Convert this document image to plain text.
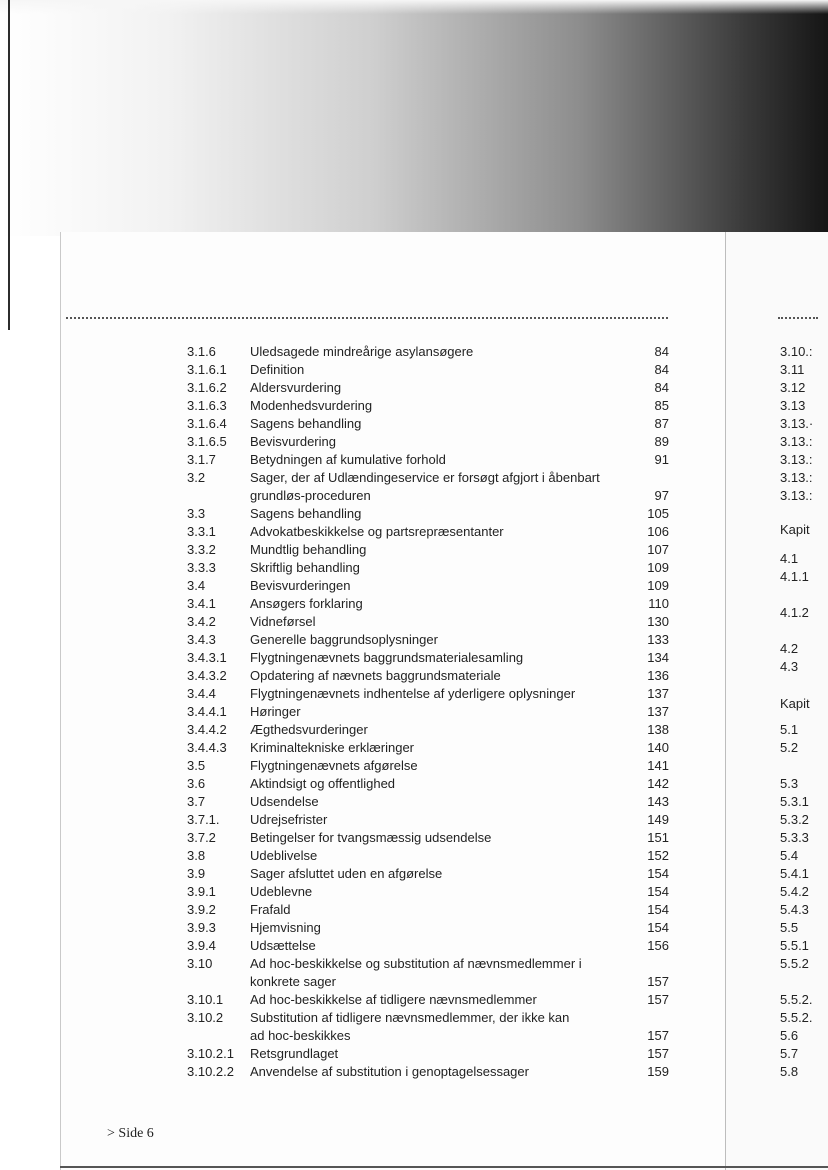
3.1.6	Uledsagede mindreårige asylansøgere	84
3.1.6.1 Definition	84
3.1.6.2 Aldersvurdering	84
3.1.6.3 Modenhedsvurdering	85
3.1.6.4 Sagens behandling	87
3.1.6.5 Bevisvurdering	89
3.1.7	Betydningen af kumulative forhold	91
3.2	Sager, der af Udlændingeservice er forsøgt afgjort i åbenbart
grundløs-proceduren	97
3.3	Sagens behandling	105
3.3.1	Advokatbeskikkelse og partsrepræsentanter	106
3.3.2	Mundtlig behandling	107
3.3.3	Skriftlig behandling	109
3.4	Bevisvurderingen	109
3.4.1	Ansøgers forklaring	110
3.4.2	Vidneførsel	130
3.4.3	Generelle baggrundsoplysninger	133
3.4.3.1 Flygtningenævnets baggrundsmaterialesamling	134
3.4.3.2 Opdatering af nævnets baggrundsmateriale	136
3.4.4	Flygtningenævnets indhentelse af yderligere oplysninger	137
3.4.4.1 Høringer	137
3.4.4.2 Ægthedsvurderinger	138
3.4.4.3 Kriminaltekniske erklæringer	140
3.5	Flygtningenævnets afgørelse	141
3.6	Aktindsigt og offentlighed	142
3.7	Udsendelse	143
3.7.1. Udrejsefrister	149
3.7.2	Betingelser for tvangsmæssig udsendelse	151
3.8	Udeblivelse	152
3.9	Sager afsluttet uden en afgørelse	154
3.9.1	Udeblevne	154
3.9.2	Frafald	154
3.9.3	Hjemvisning	154
3.9.4	Udsættelse	156
3.10	Ad hoc-beskikkelse og substitution af nævnsmedlemmer i
konkrete sager	157
3.10.1 Ad hoc-beskikkelse af tidligere nævnsmedlemmer	157
3.10.2 Substitution af tidligere nævnsmedlemmer, der ikke kan
ad hoc-beskikkes	157
3.10.2.1 Retsgrundlaget	157
3.10.2.2 Anvendelse af substitution i genoptagelsessager	159
3.10.:
3.11
3.12
3.13
3.13.·
3.13.:
3.13.:
3.13.:
3.13.:
Kapit
4.1
4.1.1
4.1.2
4.2
4.3
Kapit
5.1
5.2
5.3
5.3.1
5.3.2
5.3.3
5.4
5.4.1
5.4.2
5.4.3
5.5
5.5.1
5.5.2
5.5.2.
5.5.2.
5.6
5.7
5.8
> Side 6
